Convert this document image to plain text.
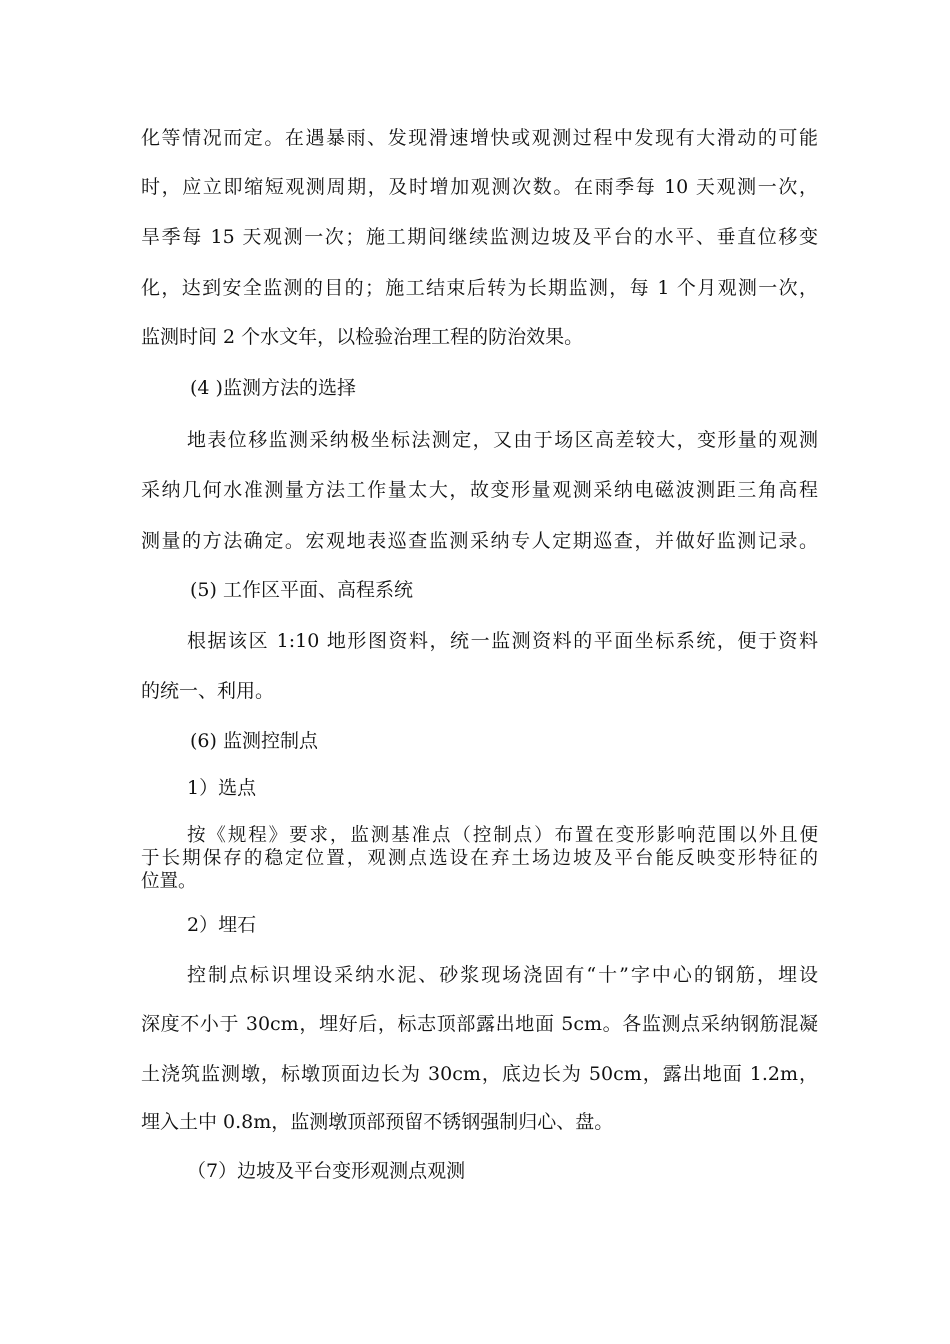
化等情况而定。在遇暴雨、发现滑速增快或观测过程中发现有大滑动的可能
时，应立即缩短观测周期，及时增加观测次数。在雨季每 10 天观测一次，
旱季每 15 天观测一次；施工期间继续监测边坡及平台的水平、垂直位移变
化，达到安全监测的目的；施工结束后转为长期监测，每 1 个月观测一次，
监测时间 2 个水文年，以检验治理工程的防治效果。
(4 )监测方法的选择
地表位移监测采纳极坐标法测定，又由于场区高差较大，变形量的观测
采纳几何水准测量方法工作量太大，故变形量观测采纳电磁波测距三角高程
测量的方法确定。宏观地表巡查监测采纳专人定期巡查，并做好监测记录。
(5) 工作区平面、高程系统
根据该区 1:10 地形图资料，统一监测资料的平面坐标系统，便于资料
的统一、利用。
(6) 监测控制点
1）选点
按《规程》要求，监测基准点（控制点）布置在变形影响范围以外且便
于长期保存的稳定位置，观测点选设在弃土场边坡及平台能反映变形特征的
位置。
2）埋石
控制点标识埋设采纳水泥、砂浆现场浇固有“十”字中心的钢筋，埋设
深度不小于 30cm，埋好后，标志顶部露出地面 5cm。各监测点采纳钢筋混凝
土浇筑监测墩，标墩顶面边长为 30cm，底边长为 50cm，露出地面 1.2m，
埋入土中 0.8m，监测墩顶部预留不锈钢强制归心、盘。
（7）边坡及平台变形观测点观测
